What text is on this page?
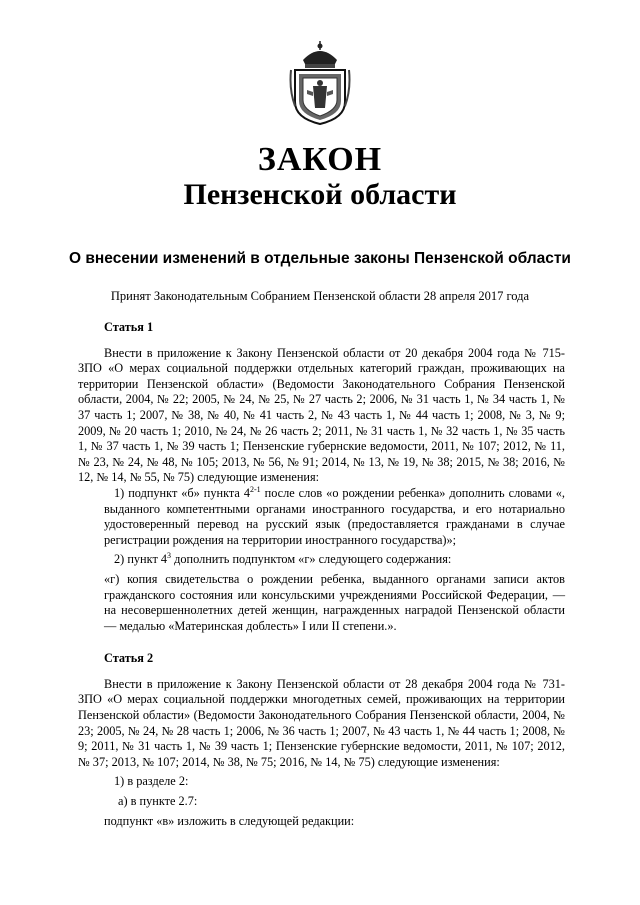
ЗАКОН
Пензенской области
О внесении изменений в отдельные законы Пензенской области
Принят Законодательным Собранием Пензенской области 28 апреля 2017 года

Статья 1

Внести в приложение к Закону Пензенской области от 20 декабря 2004 года № 715-ЗПО «О мерах социальной поддержки отдельных категорий граждан, проживающих на территории Пензенской области» (Ведомости Законодательного Собрания Пензенской области, 2004, № 22; 2005, № 24, № 25, № 27 часть 2; 2006, № 31 часть 1, № 34 часть 1, № 37 часть 1; 2007, № 38, № 40, № 41 часть 2, № 43 часть 1, № 44 часть 1; 2008, № 3, № 9; 2009, № 20 часть 1; 2010, № 24, № 26 часть 2; 2011, № 31 часть 1, № 32 часть 1, № 35 часть 1, № 37 часть 1, № 39 часть 1; Пензенские губернские ведомости, 2011, № 107; 2012, № 11, № 23, № 24, № 48, № 105; 2013, № 56, № 91; 2014, № 13, № 19, № 38; 2015, № 38; 2016, № 12, № 14, № 55, № 75) следующие изменения:

1) подпункт «б» пункта 4$^{2-1}$ после слов «о рождении ребенка» дополнить словами «, выданного компетентными органами иностранного государства, и его нотариально удостоверенный перевод на русский язык (предоставляется гражданами в случае регистрации рождения на территории иностранного государства)»;

2) пункт $4^3$ дополнить подпунктом «г» следующего содержания:

«г) копия свидетельства о рождении ребенка, выданного органами записи актов гражданского состояния или консульскими учреждениями Российской Федерации, — на несовершеннолетних детей женщин, награжденных наградой Пензенской области — медалью «Материнская доблесть» I или II степени.».

Статья 2

Внести в приложение к Закону Пензенской области от 28 декабря 2004 года № 731-ЗПО «О мерах социальной поддержки многодетных семей, проживающих на территории Пензенской области» (Ведомости Законодательного Собрания Пензенской области, 2004, № 23; 2005, № 24, № 28 часть 1; 2006, № 36 часть 1; 2007, № 43 часть 1, № 44 часть 1; 2008, № 9; 2011, № 31 часть 1, № 39 часть 1; Пензенские губернские ведомости, 2011, № 107; 2012, № 37; 2013, № 107; 2014, № 38, № 75; 2016, № 14, № 75) следующие изменения:

1) в разделе 2:

а) в пункте 2.7:

подпункт «в» изложить в следующей редакции:
